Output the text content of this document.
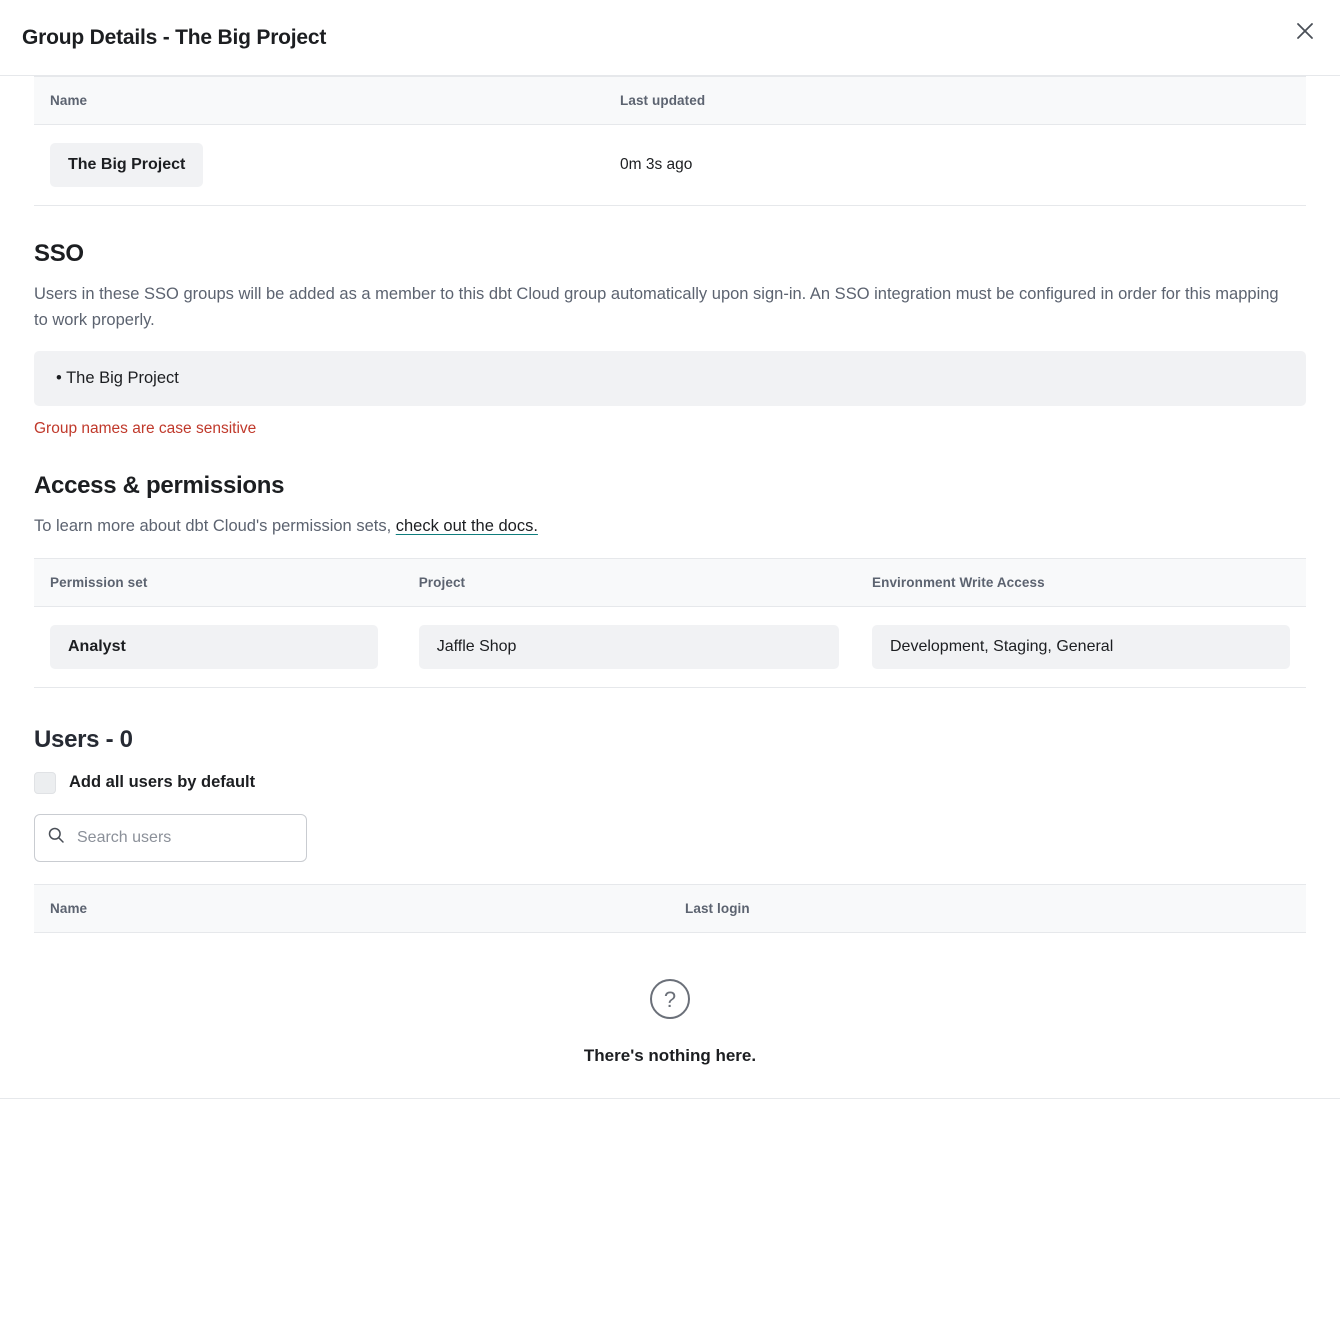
Group Details - The Big Project
Name	Last updated
The Big Project	0m 3s ago
SSO

Users in these SSO groups will be added as a member to this dbt Cloud group automatically upon sign-in. An SSO integration must be configured in order for this mapping to work properly.

• The Big Project

Group names are case sensitive

Access & permissions

To learn more about dbt Cloud's permission sets, check out the docs.

Permission set	Project	Environment Write Access
Analyst	Jaffle Shop	Development, Staging, General
Users - 0
Add all users by default
Search users
Name	Last login
?
There's nothing here.
